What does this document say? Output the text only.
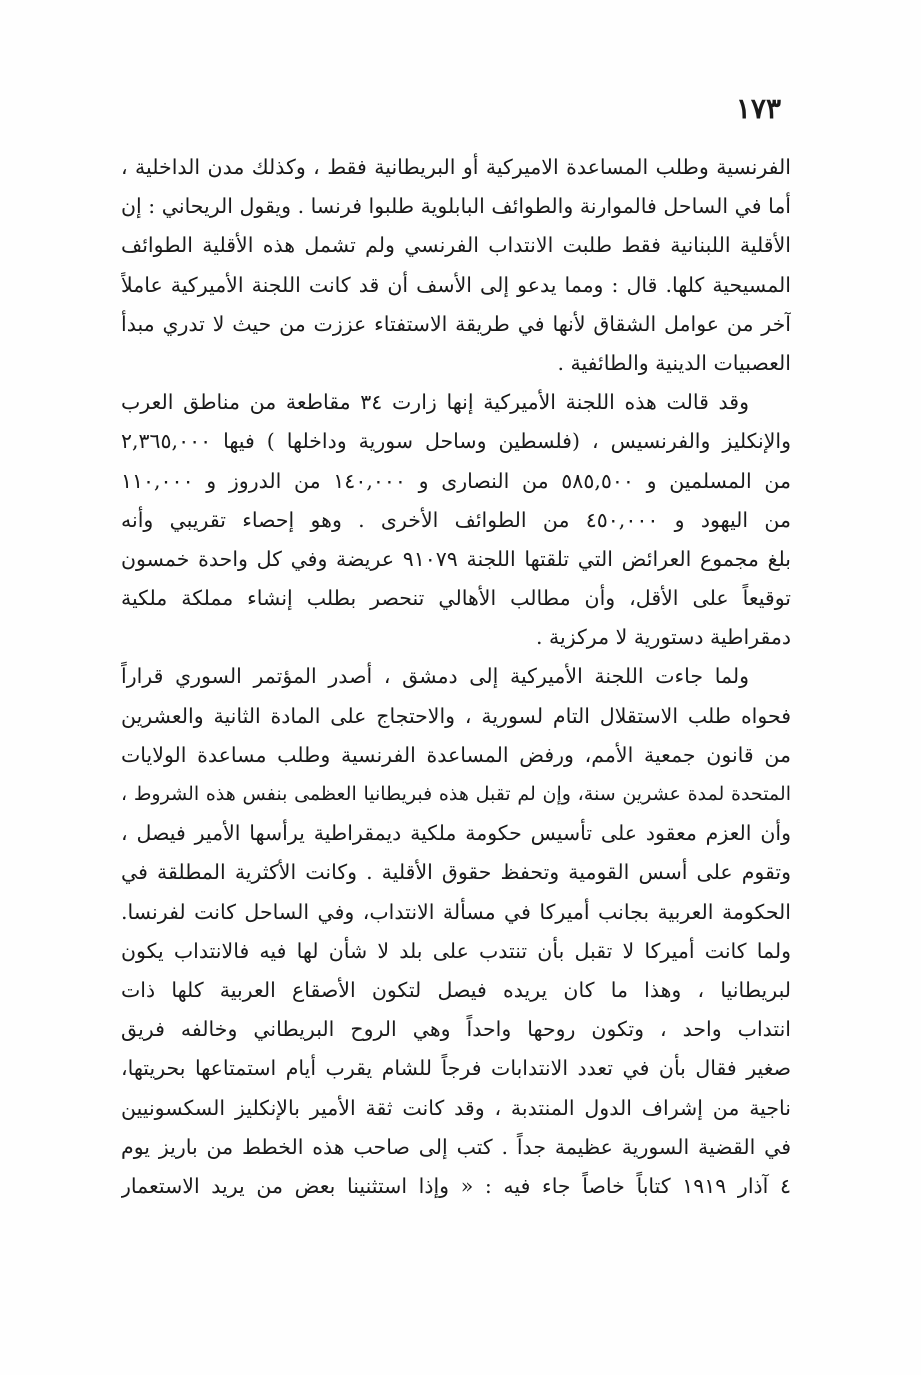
١٧٣
الفرنسية وطلب المساعدة الاميركية أو البريطانية فقط ، وكذلك مدن الداخلية ،
أما في الساحل فالموارنة والطوائف البابلوية طلبوا فرنسا . ويقول الريحاني : إن
الأقلية اللبنانية فقط طلبت الانتداب الفرنسي ولم تشمل هذه الأقلية الطوائف
المسيحية كلها. قال : ومما يدعو إلى الأسف أن قد كانت اللجنة الأميركية عاملاً
آخر من عوامل الشقاق لأنها في طريقة الاستفتاء عززت من حيث لا تدري مبدأ
العصبيات الدينية والطائفية .
وقد قالت هذه اللجنة الأميركية إنها زارت ٣٤ مقاطعة من مناطق العرب
والإنكليز والفرنسيس ، (فلسطين وساحل سورية وداخلها ) فيها ٢,٣٦٥,٠٠٠
من المسلمين و ٥٨٥,٥٠٠ من النصارى و ١٤٠,٠٠٠ من الدروز و ١١٠,٠٠٠
من اليهود و ٤٥٠,٠٠٠ من الطوائف الأخرى . وهو إحصاء تقريبي وأنه
بلغ مجموع العرائض التي تلقتها اللجنة ٩١٠٧٩ عريضة وفي كل واحدة خمسون
توقيعاً على الأقل، وأن مطالب الأهالي تنحصر بطلب إنشاء مملكة ملكية
دمقراطية دستورية لا مركزية .
ولما جاءت اللجنة الأميركية إلى دمشق ، أصدر المؤتمر السوري قراراً
فحواه طلب الاستقلال التام لسورية ، والاحتجاج على المادة الثانية والعشرين
من قانون جمعية الأمم، ورفض المساعدة الفرنسية وطلب مساعدة الولايات
المتحدة لمدة عشرين سنة، وإن لم تقبل هذه فبريطانيا العظمى بنفس هذه الشروط ،
وأن العزم معقود على تأسيس حكومة ملكية ديمقراطية يرأسها الأمير فيصل ،
وتقوم على أسس القومية وتحفظ حقوق الأقلية . وكانت الأكثرية المطلقة في
الحكومة العربية بجانب أميركا في مسألة الانتداب، وفي الساحل كانت لفرنسا.
ولما كانت أميركا لا تقبل بأن تنتدب على بلد لا شأن لها فيه فالانتداب يكون
لبريطانيا ، وهذا ما كان يريده فيصل لتكون الأصقاع العربية كلها ذات
انتداب واحد ، وتكون روحها واحداً وهي الروح البريطاني وخالفه فريق
صغير فقال بأن في تعدد الانتدابات فرجاً للشام يقرب أيام استمتاعها بحريتها،
ناجية من إشراف الدول المنتدبة ، وقد كانت ثقة الأمير بالإنكليز السكسونيين
في القضية السورية عظيمة جداً . كتب إلى صاحب هذه الخطط من باريز يوم
٤ آذار ١٩١٩ كتاباً خاصاً جاء فيه : « وإذا استثنينا بعض من يريد الاستعمار
